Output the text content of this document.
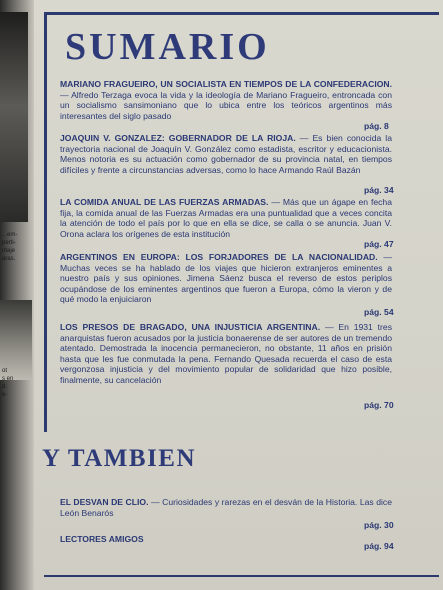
...em-
perti-
ntaje
aras.
ot
s en
d.
e-
SUMARIO
MARIANO FRAGUEIRO, UN SOCIALISTA EN TIEMPOS DE LA CONFEDERACION. — Alfredo Terzaga evoca la vida y la ideología de Mariano Fragueiro, entroncada con un socialismo sansimoniano que lo ubica entre los teóricos argentinos más interesantes del siglo pasado
pág. 8
JOAQUIN V. GONZALEZ: GOBERNADOR DE LA RIOJA. — Es bien conocida la trayectoria nacional de Joaquín V. González como estadista, escritor y educacionista. Menos notoria es su actuación como gobernador de su provincia natal, en tiempos difíciles y frente a circunstancias adversas, como lo hace Armando Raúl Bazán
pág. 34
LA COMIDA ANUAL DE LAS FUERZAS ARMADAS. — Más que un ágape en fecha fija, la comida anual de las Fuerzas Armadas era una puntualidad que a veces concita la atención de todo el país por lo que en ella se dice, se calla o se anuncia. Juan V. Orona aclara los orígenes de esta institución
pág. 47
ARGENTINOS EN EUROPA: LOS FORJADORES DE LA NACIONALIDAD. — Muchas veces se ha hablado de los viajes que hicieron extranjeros eminentes a nuestro país y sus opiniones. Jimena Sáenz busca el reverso de estos periplos ocupándose de los eminentes argentinos que fueron a Europa, cómo la vieron y de qué modo la enjuiciaron
pág. 54
LOS PRESOS DE BRAGADO, UNA INJUSTICIA ARGENTINA. — En 1931 tres anarquistas fueron acusados por la justicia bonaerense de ser autores de un tremendo atentado. Demostrada la inocencia permanecieron, no obstante, 11 años en prisión hasta que les fue conmutada la pena. Fernando Quesada recuerda el caso de esta vergonzosa injusticia y del movimiento popular de solidaridad que hizo posible, finalmente, su cancelación
pág. 70
Y TAMBIEN
EL DESVAN DE CLIO. — Curiosidades y rarezas en el desván de la Historia. Las dice León Benarós
pág. 30
LECTORES AMIGOS
pág. 94
